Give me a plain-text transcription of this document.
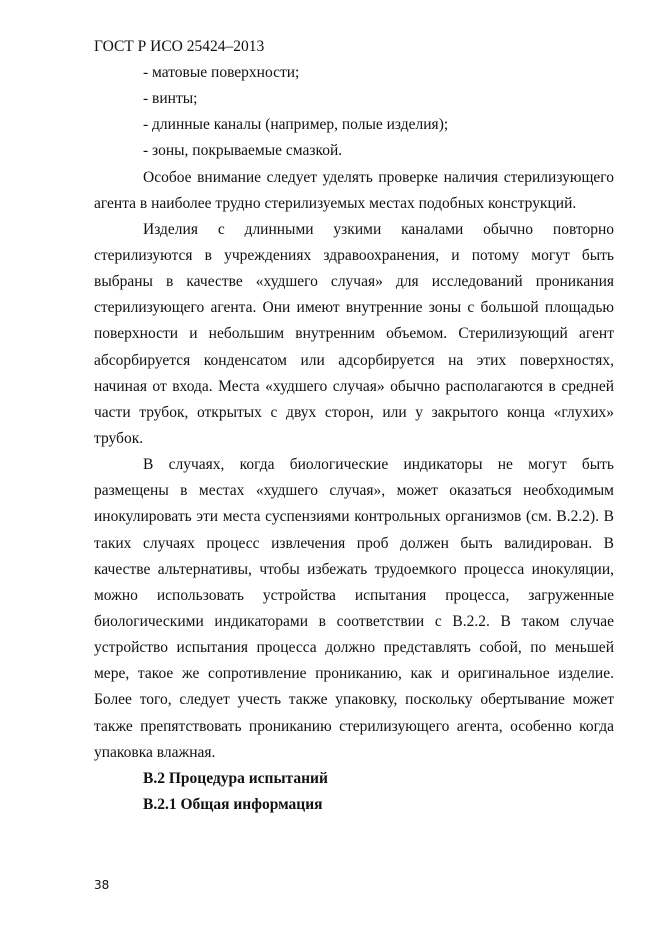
ГОСТ Р ИСО 25424–2013
- матовые поверхности;
- винты;
- длинные каналы (например, полые изделия);
- зоны, покрываемые смазкой.
Особое внимание следует уделять проверке наличия стерилизующего
агента в наиболее трудно стерилизуемых местах подобных конструкций.
Изделия с длинными узкими каналами обычно повторно
стерилизуются в учреждениях здравоохранения, и потому могут быть
выбраны в качестве «худшего случая» для исследований проникания
стерилизующего агента. Они имеют внутренние зоны с большой площадью
поверхности и небольшим внутренним объемом. Стерилизующий агент
абсорбируется конденсатом или адсорбируется на этих поверхностях,
начиная от входа. Места «худшего случая» обычно располагаются в средней
части трубок, открытых с двух сторон, или у закрытого конца «глухих»
трубок.
В случаях, когда биологические индикаторы не могут быть
размещены в местах «худшего случая», может оказаться необходимым
инокулировать эти места суспензиями контрольных организмов (см. В.2.2). В
таких случаях процесс извлечения проб должен быть валидирован. В
качестве альтернативы, чтобы избежать трудоемкого процесса инокуляции,
можно использовать устройства испытания процесса, загруженные
биологическими индикаторами в соответствии с В.2.2. В таком случае
устройство испытания процесса должно представлять собой, по меньшей
мере, такое же сопротивление прониканию, как и оригинальное изделие.
Более того, следует учесть также упаковку, поскольку обертывание может
также препятствовать прониканию стерилизующего агента, особенно когда
упаковка влажная.
В.2 Процедура испытаний
В.2.1 Общая информация
38
